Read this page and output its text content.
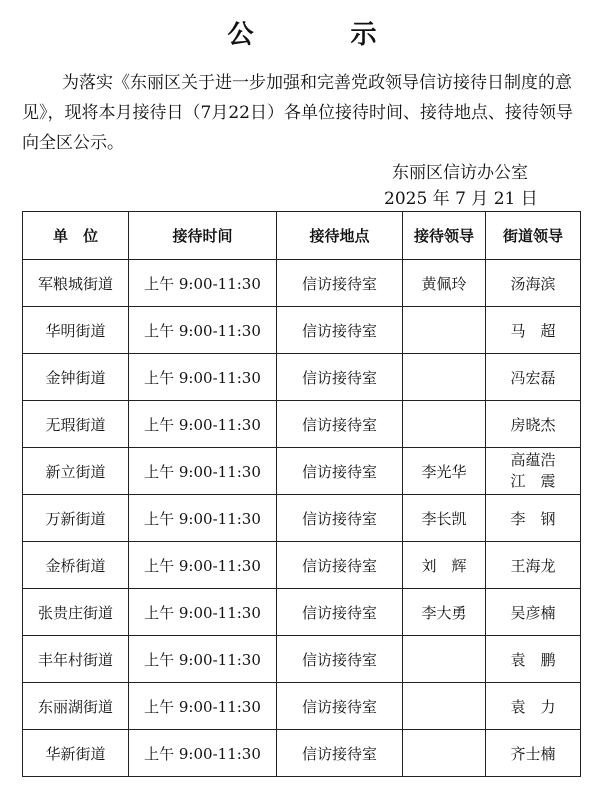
公 示

为落实《东丽区关于进一步加强和完善党政领导信访接待日制度的意见》，现将本月接待日（7月22日）各单位接待时间、接待地点、接待领导向全区公示。

东丽区信访办公室
2025 年 7 月 21 日
单　位	接待时间	接待地点	接待领导	街道领导
军粮城街道	上午 9:00-11:30	信访接待室	黄佩玲	汤海滨
华明街道	上午 9:00-11:30	信访接待室		马　超
金钟街道	上午 9:00-11:30	信访接待室		冯宏磊
无瑕街道	上午 9:00-11:30	信访接待室		房晓杰
新立街道	上午 9:00-11:30	信访接待室	李光华	高蕴浩
江　震

万新街道	上午 9:00-11:30	信访接待室	李长凯	李　钢
金桥街道	上午 9:00-11:30	信访接待室	刘　辉	王海龙
张贵庄街道	上午 9:00-11:30	信访接待室	李大勇	吴彦楠
丰年村街道	上午 9:00-11:30	信访接待室		袁　鹏
东丽湖街道	上午 9:00-11:30	信访接待室		袁　力
华新街道	上午 9:00-11:30	信访接待室		齐士楠
